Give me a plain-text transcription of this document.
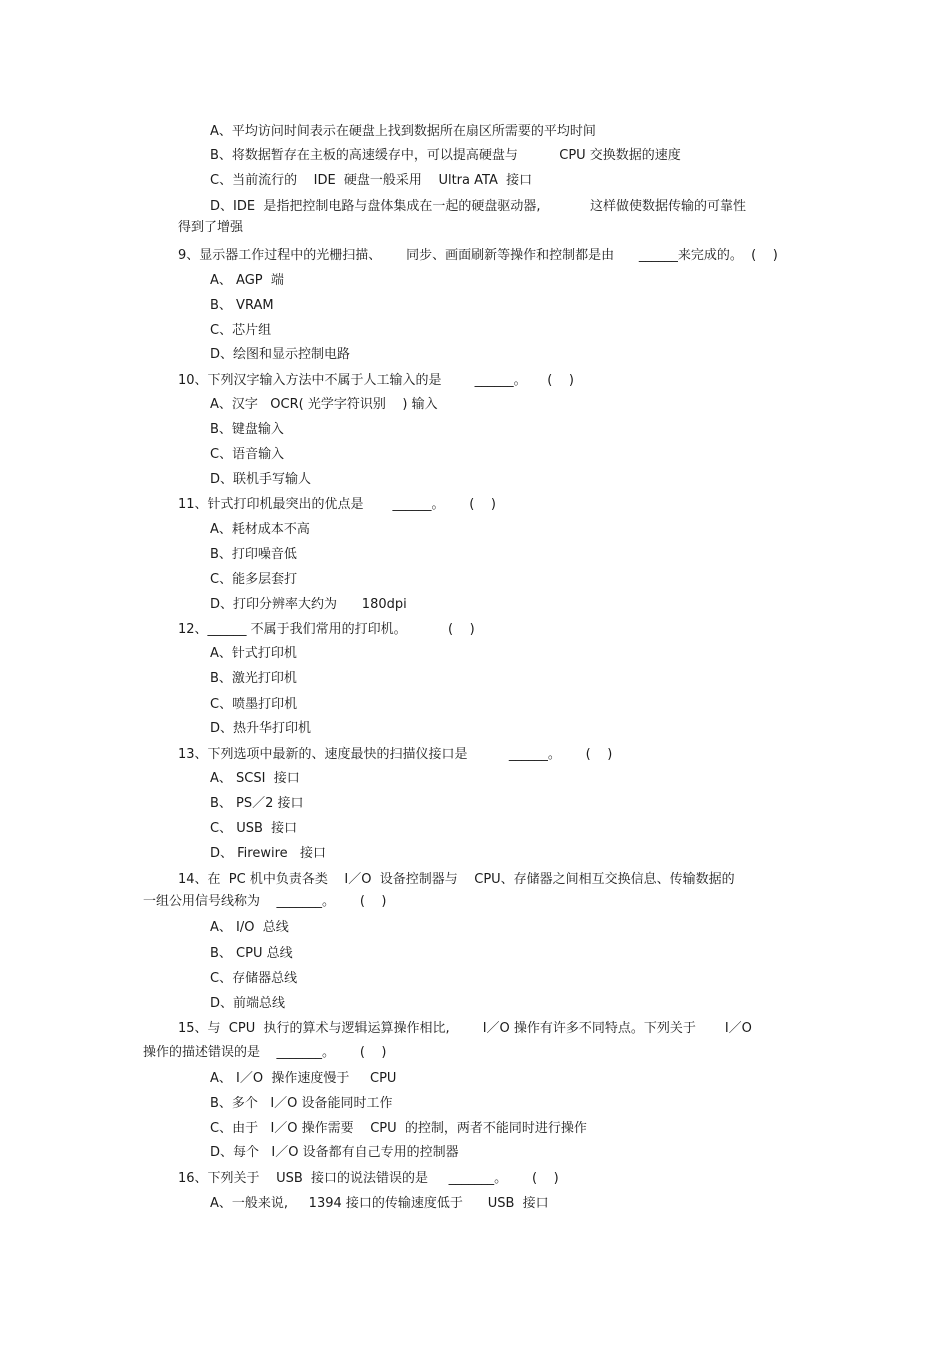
A、平均访问时间表示在硬盘上找到数据所在扇区所需要的平均时间
B、将数据暂存在主板的高速缓存中，可以提高硬盘与          CPU 交换数据的速度
C、当前流行的    IDE  硬盘一般采用    Ultra ATA  接口
D、IDE  是指把控制电路与盘体集成在一起的硬盘驱动器,            这样做使数据传输的可靠性
得到了增强
9、显示器工作过程中的光栅扫描、      同步、画面刷新等操作和控制都是由      ______来完成的。  (    )
A、 AGP  端
B、 VRAM
C、芯片组
D、绘图和显示控制电路
10、下列汉字输入方法中不属于人工输入的是        ______。     (    )
A、汉字   OCR( 光学字符识别    ) 输入
B、键盘输入
C、语音输入
D、联机手写输人
11、针式打印机最突出的优点是       ______。      (    )
A、耗材成本不高
B、打印噪音低
C、能多层套打
D、打印分辨率大约为      180dpi
12、______ 不属于我们常用的打印机。          (    )
A、针式打印机
B、激光打印机
C、喷墨打印机
D、热升华打印机
13、下列选项中最新的、速度最快的扫描仪接口是          ______。      (    )
A、 SCSI  接口
B、 PS／2 接口
C、 USB  接口
D、 Firewire   接口
14、在  PC 机中负责各类    I／O  设备控制器与    CPU、存储器之间相互交换信息、传输数据的
一组公用信号线称为    _______。      (    )
A、 I/O  总线
B、 CPU 总线
C、存储器总线
D、前端总线
15、与  CPU  执行的算术与逻辑运算操作相比,        I／O 操作有许多不同特点。下列关于       I／O
操作的描述错误的是    _______。      (    )
A、 I／O  操作速度慢于     CPU
B、多个   I／O 设备能同时工作
C、由于   I／O 操作需要    CPU  的控制，两者不能同时进行操作
D、每个   I／O 设备都有自己专用的控制器
16、下列关于    USB  接口的说法错误的是     _______。      (    )
A、一般来说,     1394 接口的传输速度低于      USB  接口
